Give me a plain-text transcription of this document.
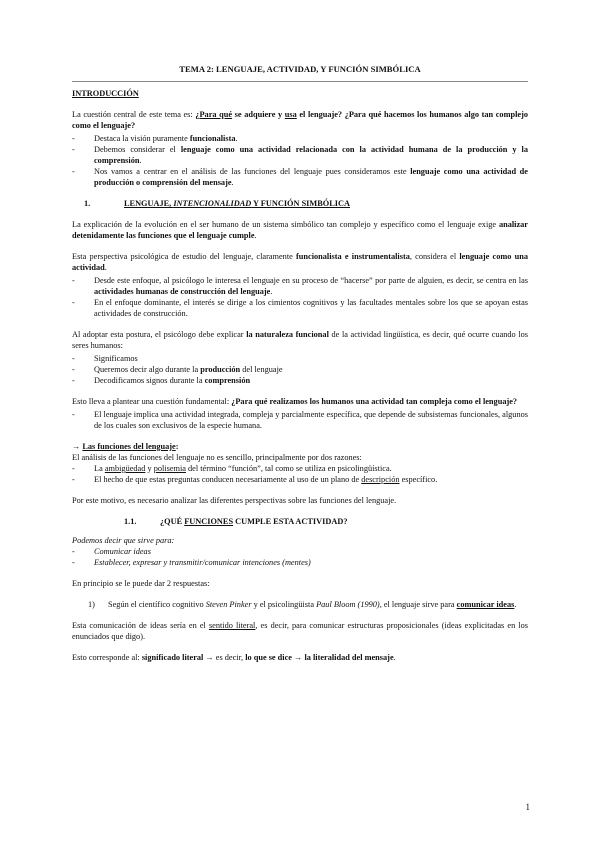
TEMA 2: LENGUAJE, ACTIVIDAD, Y FUNCIÓN SIMBÓLICA
INTRODUCCIÓN

La cuestión central de este tema es: ¿Para qué se adquiere y usa el lenguaje? ¿Para qué hacemos los humanos algo tan complejo como el lenguaje?

- Destaca la visión puramente funcionalista.
- Debemos considerar el lenguaje como una actividad relacionada con la actividad humana de la producción y la comprensión.
- Nos vamos a centrar en el análisis de las funciones del lenguaje pues consideramos este lenguaje como una actividad de producción o comprensión del mensaje.
1.	LENGUAJE, INTENCIONALIDAD Y FUNCIÓN SIMBÓLICA

La explicación de la evolución en el ser humano de un sistema simbólico tan complejo y específico como el lenguaje exige analizar detenidamente las funciones que el lenguaje cumple.

Esta perspectiva psicológica de estudio del lenguaje, claramente funcionalista e instrumentalista, considera el lenguaje como una actividad.

- Desde este enfoque, al psicólogo le interesa el lenguaje en su proceso de “hacerse” por parte de alguien, es decir, se centra en las actividades humanas de construcción del lenguaje.
- En el enfoque dominante, el interés se dirige a los cimientos cognitivos y las facultades mentales sobre los que se apoyan estas actividades de construcción.

Al adoptar esta postura, el psicólogo debe explicar la naturaleza funcional de la actividad lingüística, es decir, qué ocurre cuando los seres humanos:

- Significamos
- Queremos decir algo durante la producción del lenguaje
- Decodificamos signos durante la comprensión

Esto lleva a plantear una cuestión fundamental: ¿Para qué realizamos los humanos una actividad tan compleja como el lenguaje?

- El lenguaje implica una actividad integrada, compleja y parcialmente específica, que depende de subsistemas funcionales, algunos de los cuales son exclusivos de la especie humana.
→ Las funciones del lenguaje:
El análisis de las funciones del lenguaje no es sencillo, principalmente por dos razones:
- La ambigüedad y polisemia del término “función”, tal como se utiliza en psicolingüística.
- El hecho de que estas preguntas conducen necesariamente al uso de un plano de descripción específico.

Por este motivo, es necesario analizar las diferentes perspectivas sobre las funciones del lenguaje.

1.1.	¿QUÉ FUNCIONES CUMPLE ESTA ACTIVIDAD?
Podemos decir que sirve para:
- Comunicar ideas
- Establecer, expresar y transmitir/comunicar intenciones (mentes)

En principio se le puede dar 2 respuestas:

1) Según el científico cognitivo Steven Pinker y el psicolingüista Paul Bloom (1990), el lenguaje sirve para comunicar ideas.

Esta comunicación de ideas sería en el sentido literal, es decir, para comunicar estructuras proposicionales (ideas explicitadas en los enunciados que digo).

Esto corresponde al: significado literal → es decir, lo que se dice → la literalidad del mensaje.

1
